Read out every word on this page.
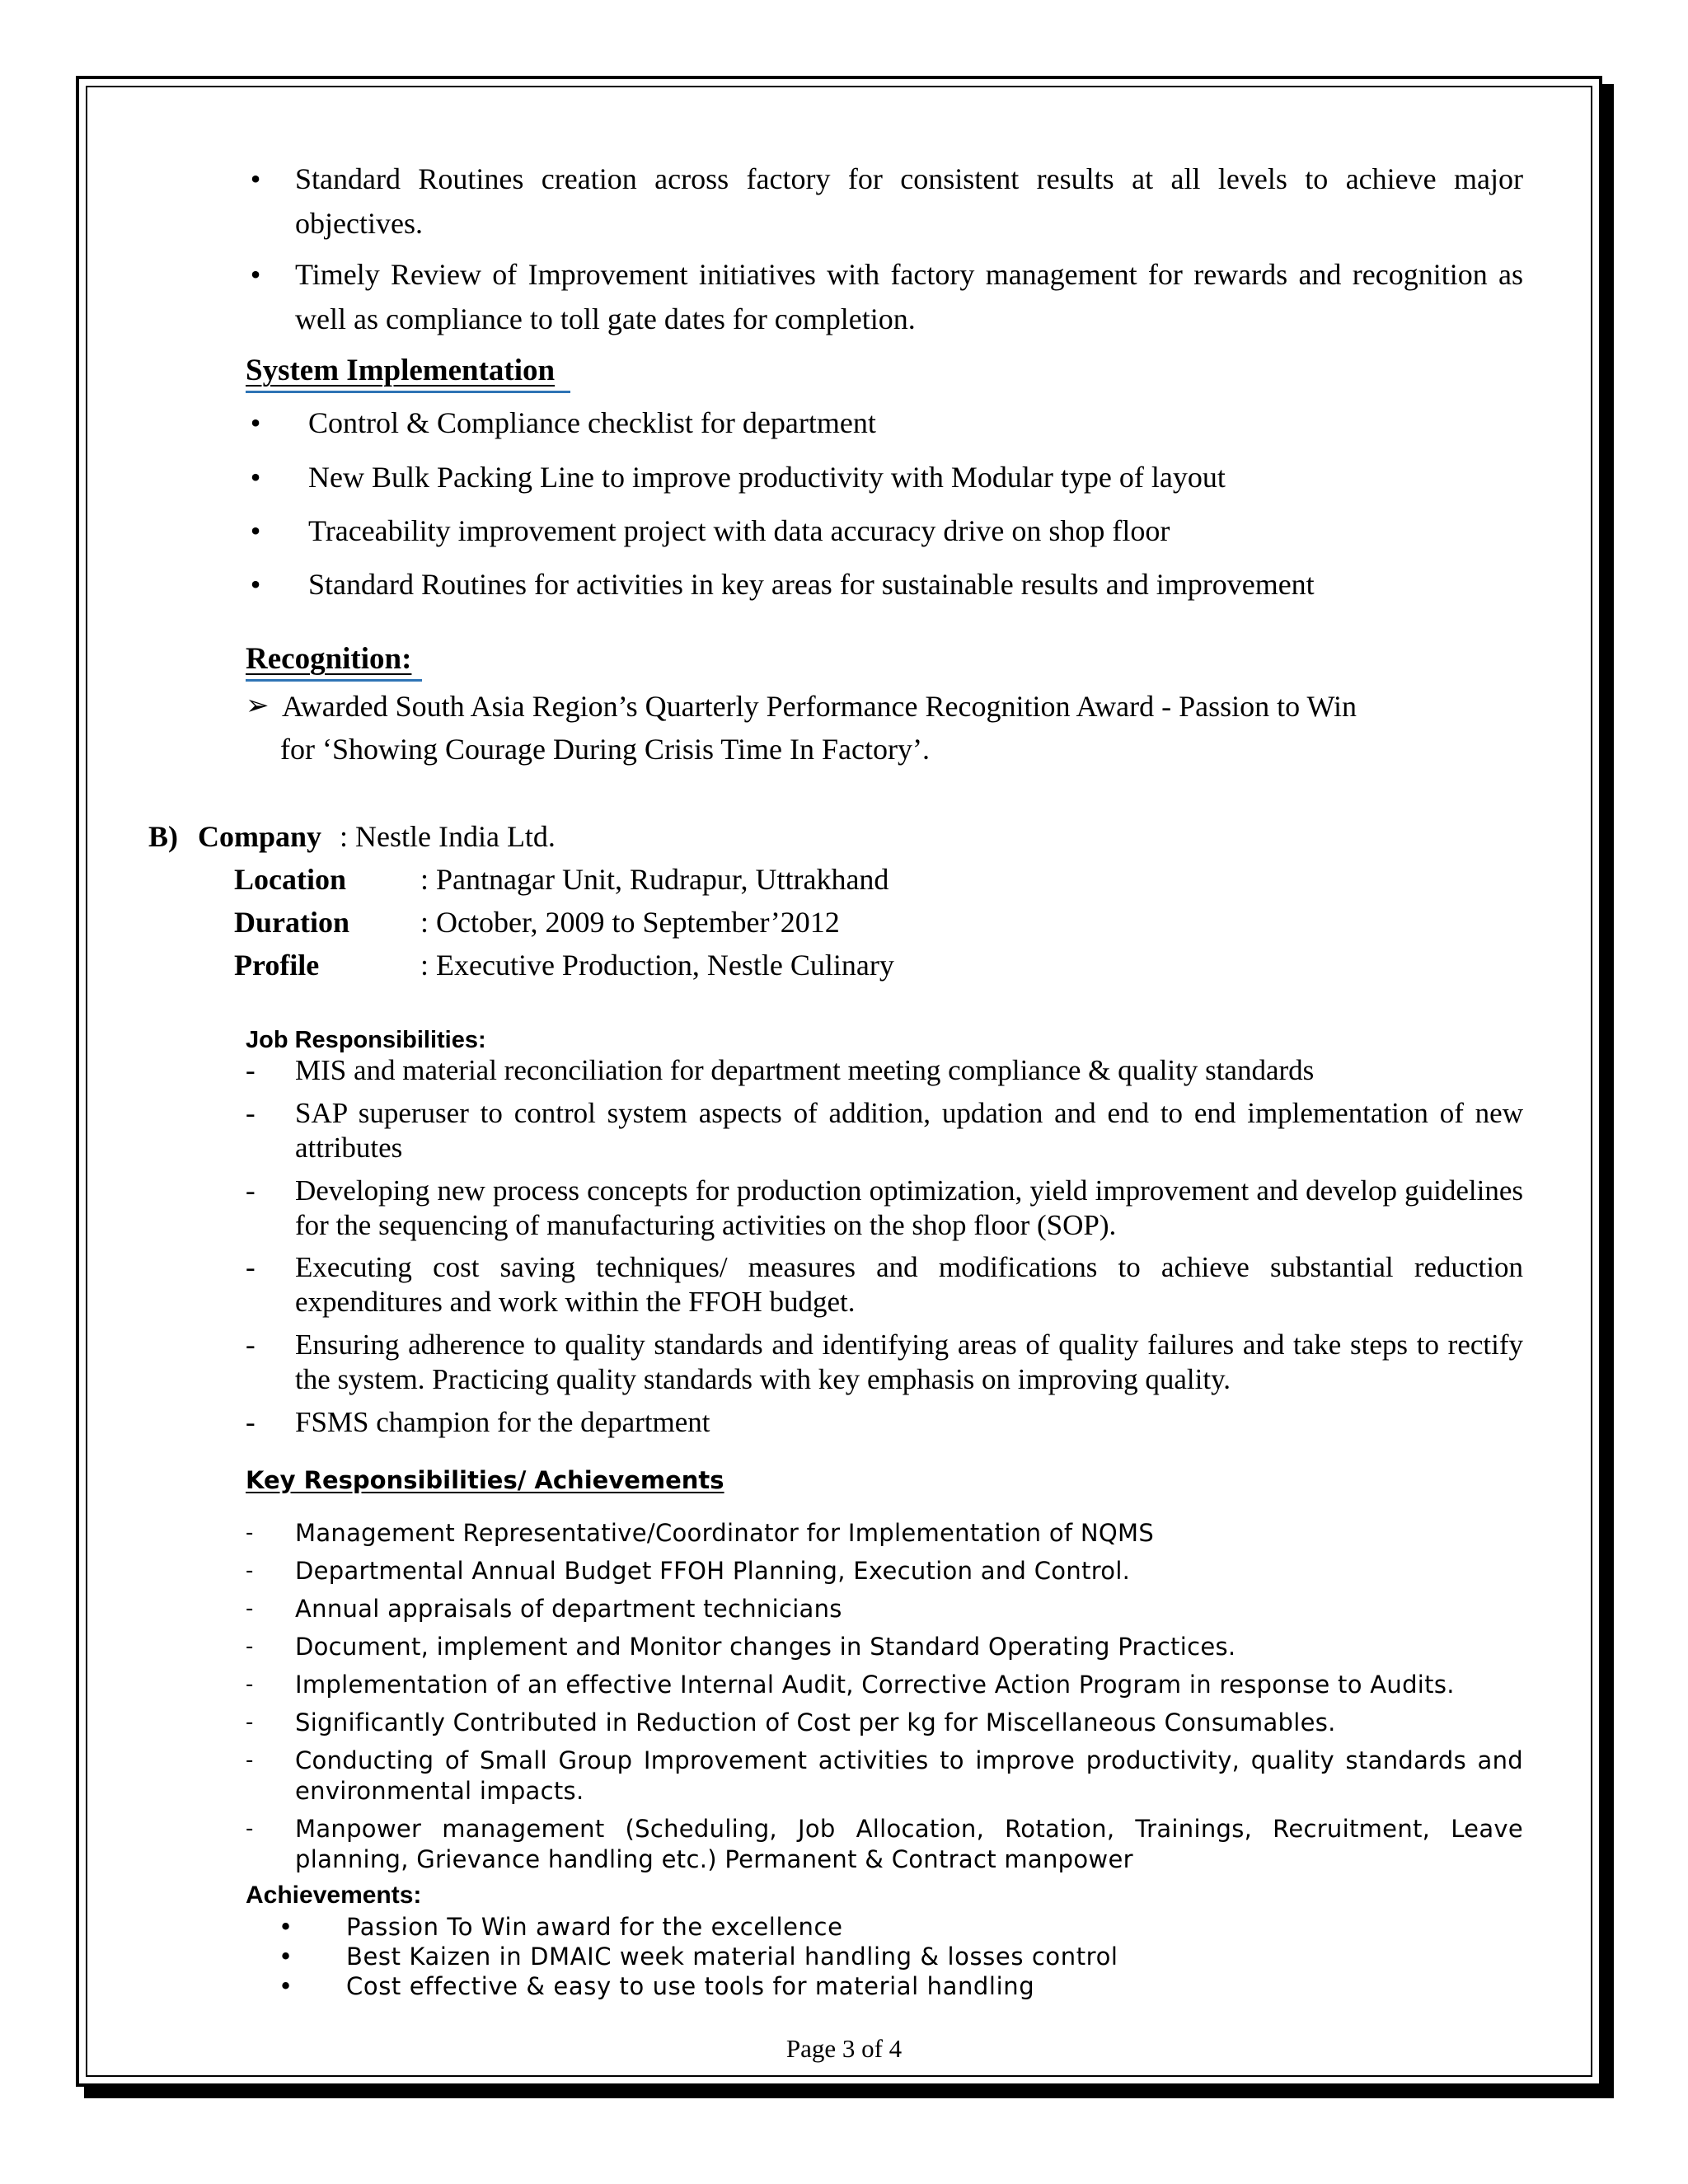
• Standard Routines creation across factory for consistent results at all levels to achieve major objectives.
• Timely Review of Improvement initiatives with factory management for rewards and recognition as well as compliance to toll gate dates for completion.
System Implementation
• Control & Compliance checklist for department
• New Bulk Packing Line to improve productivity with Modular type of layout
• Traceability improvement project with data accuracy drive on shop floor
• Standard Routines for activities in key areas for sustainable results and improvement
Recognition:
➢ Awarded South Asia Region’s Quarterly Performance Recognition Award - Passion to Win
for ‘Showing Courage During Crisis Time In Factory’.
B) Company : Nestle India Ltd.
Location : Pantnagar Unit, Rudrapur, Uttrakhand
Duration : October, 2009 to September’2012
Profile	: Executive Production, Nestle Culinary
Job Responsibilities:
- MIS and material reconciliation for department meeting compliance & quality standards
- SAP superuser to control system aspects of addition, updation and end to end implementation of new attributes
- Developing new process concepts for production optimization, yield improvement and develop guidelines for the sequencing of manufacturing activities on the shop floor (SOP).
- Executing cost saving techniques/ measures and modifications to achieve substantial reduction expenditures and work within the FFOH budget.
- Ensuring adherence to quality standards and identifying areas of quality failures and take steps to rectify the system. Practicing quality standards with key emphasis on improving quality.
- FSMS champion for the department
Key Responsibilities/ Achievements
- Management Representative/Coordinator for Implementation of NQMS
- Departmental Annual Budget FFOH Planning, Execution and Control.
- Annual appraisals of department technicians
- Document, implement and Monitor changes in Standard Operating Practices.
- Implementation of an effective Internal Audit, Corrective Action Program in response to Audits.
- Significantly Contributed in Reduction of Cost per kg for Miscellaneous Consumables.
- Conducting of Small Group Improvement activities to improve productivity, quality standards and environmental impacts.
- Manpower management (Scheduling, Job Allocation, Rotation, Trainings, Recruitment, Leave planning, Grievance handling etc.) Permanent & Contract manpower
Achievements:
• Passion To Win award for the excellence
• Best Kaizen in DMAIC week material handling & losses control
• Cost effective & easy to use tools for material handling
Page 3 of 4
